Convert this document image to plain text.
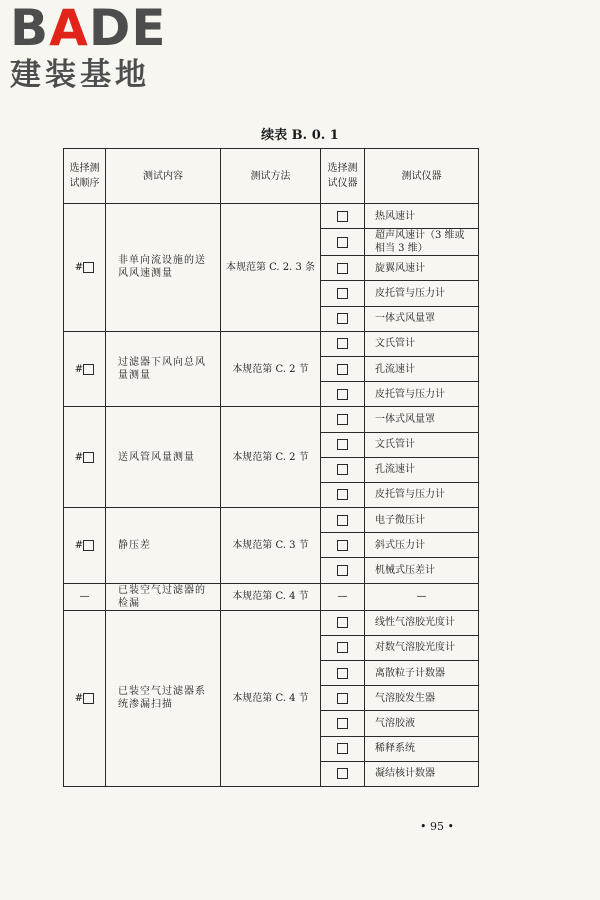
BADE
建装基地
续表 B. 0. 1
选择测试顺序	测试内容	测试方法	选择测试仪器	测试仪器
#	非单向流设施的送风风速测量	本规范第 C. 2. 3 条		热风速计
				超声风速计（3 维或相当 3 维）
				旋翼风速计
				皮托管与压力计
				一体式风量罩
#	过滤器下风向总风量测量	本规范第 C. 2 节		文氏管计
				孔流速计
				皮托管与压力计
#	送风管风量测量	本规范第 C. 2 节		一体式风量罩
				文氏管计
				孔流速计
				皮托管与压力计
#	静压差	本规范第 C. 3 节		电子微压计
				斜式压力计
				机械式压差计
—	已装空气过滤器的检漏	本规范第 C. 4 节	—	—
#	已装空气过滤器系统渗漏扫描	本规范第 C. 4 节		线性气溶胶光度计
				对数气溶胶光度计
				离散粒子计数器
				气溶胶发生器
				气溶胶液
				稀释系统
				凝结核计数器
• 95 •
